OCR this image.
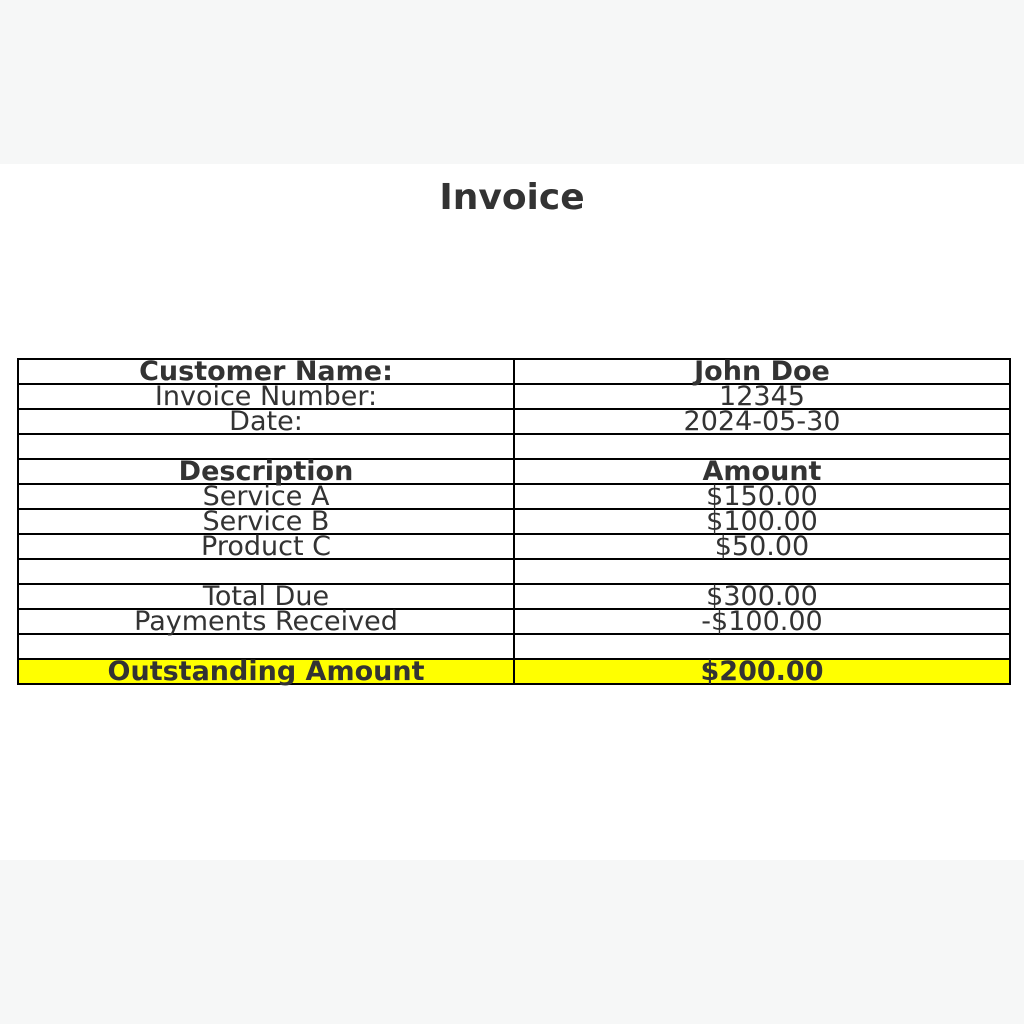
Invoice
Customer Name:	John Doe
Invoice Number:	12345
Date:	2024-05-30

Description	Amount
Service A	$150.00
Service B	$100.00
Product C	$50.00

Total Due	$300.00
Payments Received	-$100.00

Outstanding Amount	$200.00
